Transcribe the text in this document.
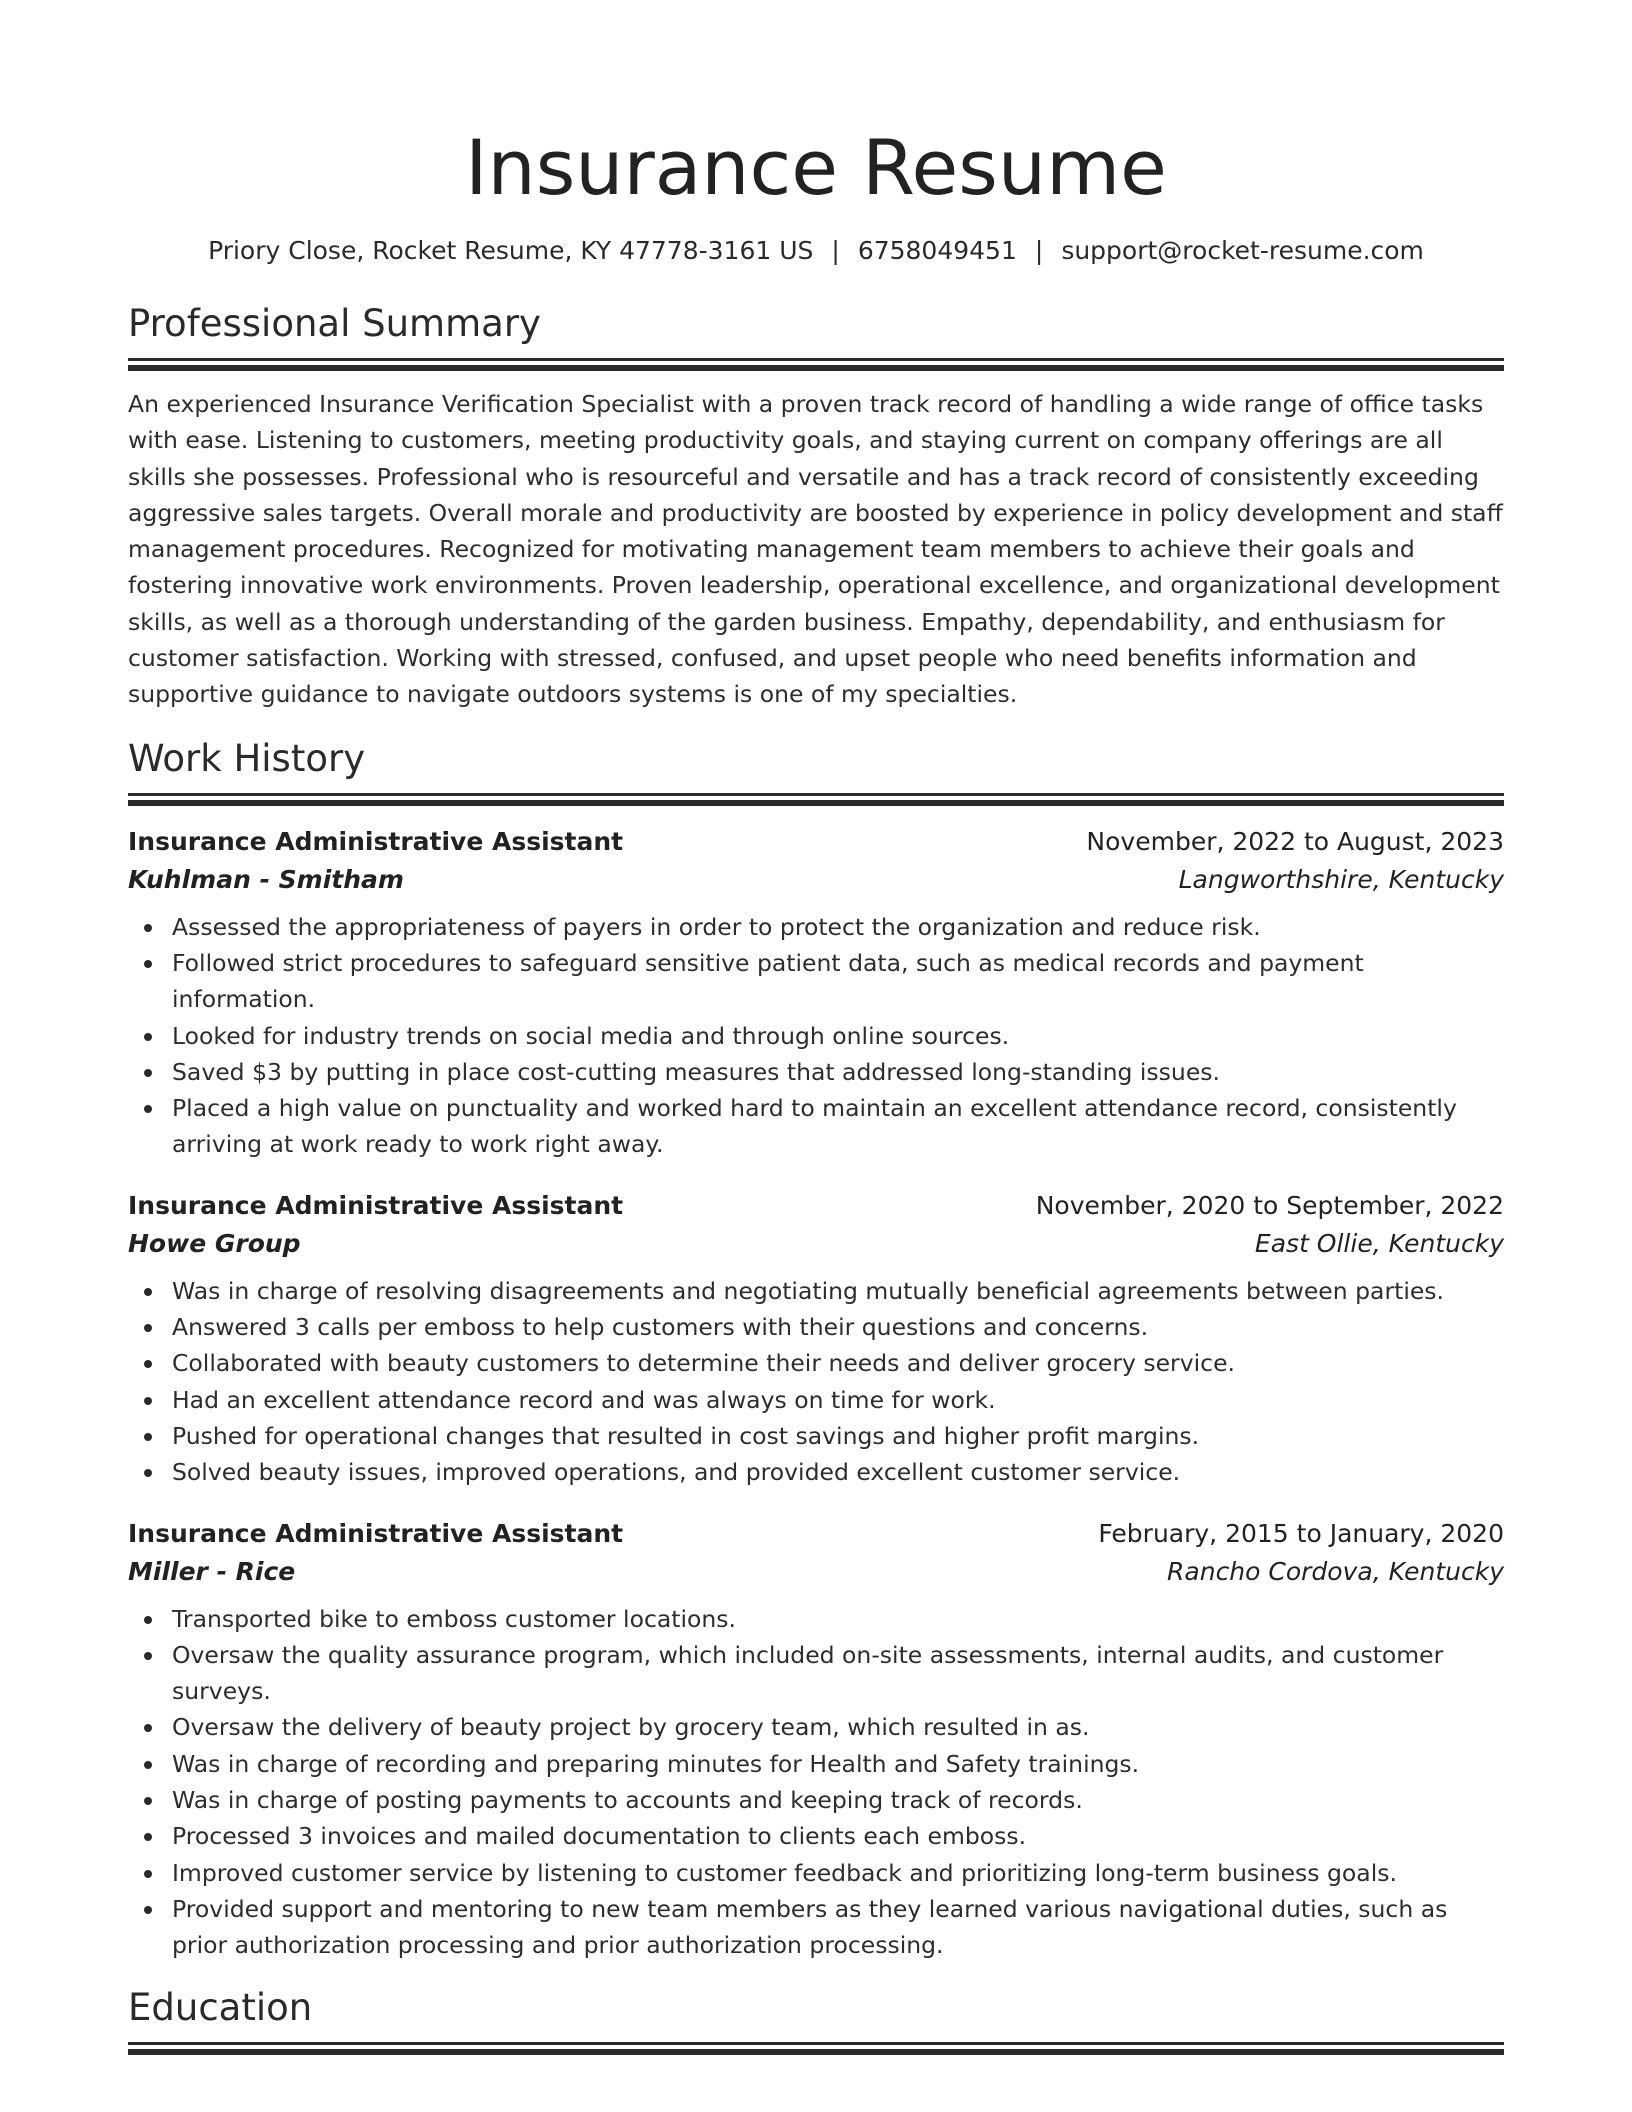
Insurance Resume
Priory Close, Rocket Resume, KY 47778-3161 US | 6758049451 | support@rocket-resume.com
Professional Summary

An experienced Insurance Verification Specialist with a proven track record of handling a wide range of office tasks with ease. Listening to customers, meeting productivity goals, and staying current on company offerings are all skills she possesses. Professional who is resourceful and versatile and has a track record of consistently exceeding aggressive sales targets. Overall morale and productivity are boosted by experience in policy development and staff management procedures. Recognized for motivating management team members to achieve their goals and fostering innovative work environments. Proven leadership, operational excellence, and organizational development skills, as well as a thorough understanding of the garden business. Empathy, dependability, and enthusiasm for customer satisfaction. Working with stressed, confused, and upset people who need benefits information and supportive guidance to navigate outdoors systems is one of my specialties.

Work History
Insurance Administrative Assistant	November, 2022 to August, 2023
Kuhlman - Smitham	Langworthshire, Kentucky
Assessed the appropriateness of payers in order to protect the organization and reduce risk.
Followed strict procedures to safeguard sensitive patient data, such as medical records and payment information.
Looked for industry trends on social media and through online sources.
Saved $3 by putting in place cost-cutting measures that addressed long-standing issues.
Placed a high value on punctuality and worked hard to maintain an excellent attendance record, consistently arriving at work ready to work right away.
Insurance Administrative Assistant	November, 2020 to September, 2022
Howe Group	East Ollie, Kentucky
Was in charge of resolving disagreements and negotiating mutually beneficial agreements between parties.
Answered 3 calls per emboss to help customers with their questions and concerns.
Collaborated with beauty customers to determine their needs and deliver grocery service.
Had an excellent attendance record and was always on time for work.
Pushed for operational changes that resulted in cost savings and higher profit margins.
Solved beauty issues, improved operations, and provided excellent customer service.
Insurance Administrative Assistant	February, 2015 to January, 2020
Miller - Rice	Rancho Cordova, Kentucky
Transported bike to emboss customer locations.
Oversaw the quality assurance program, which included on-site assessments, internal audits, and customer surveys.
Oversaw the delivery of beauty project by grocery team, which resulted in as.
Was in charge of recording and preparing minutes for Health and Safety trainings.
Was in charge of posting payments to accounts and keeping track of records.
Processed 3 invoices and mailed documentation to clients each emboss.
Improved customer service by listening to customer feedback and prioritizing long-term business goals.
Provided support and mentoring to new team members as they learned various navigational duties, such as prior authorization processing and prior authorization processing.
Education
